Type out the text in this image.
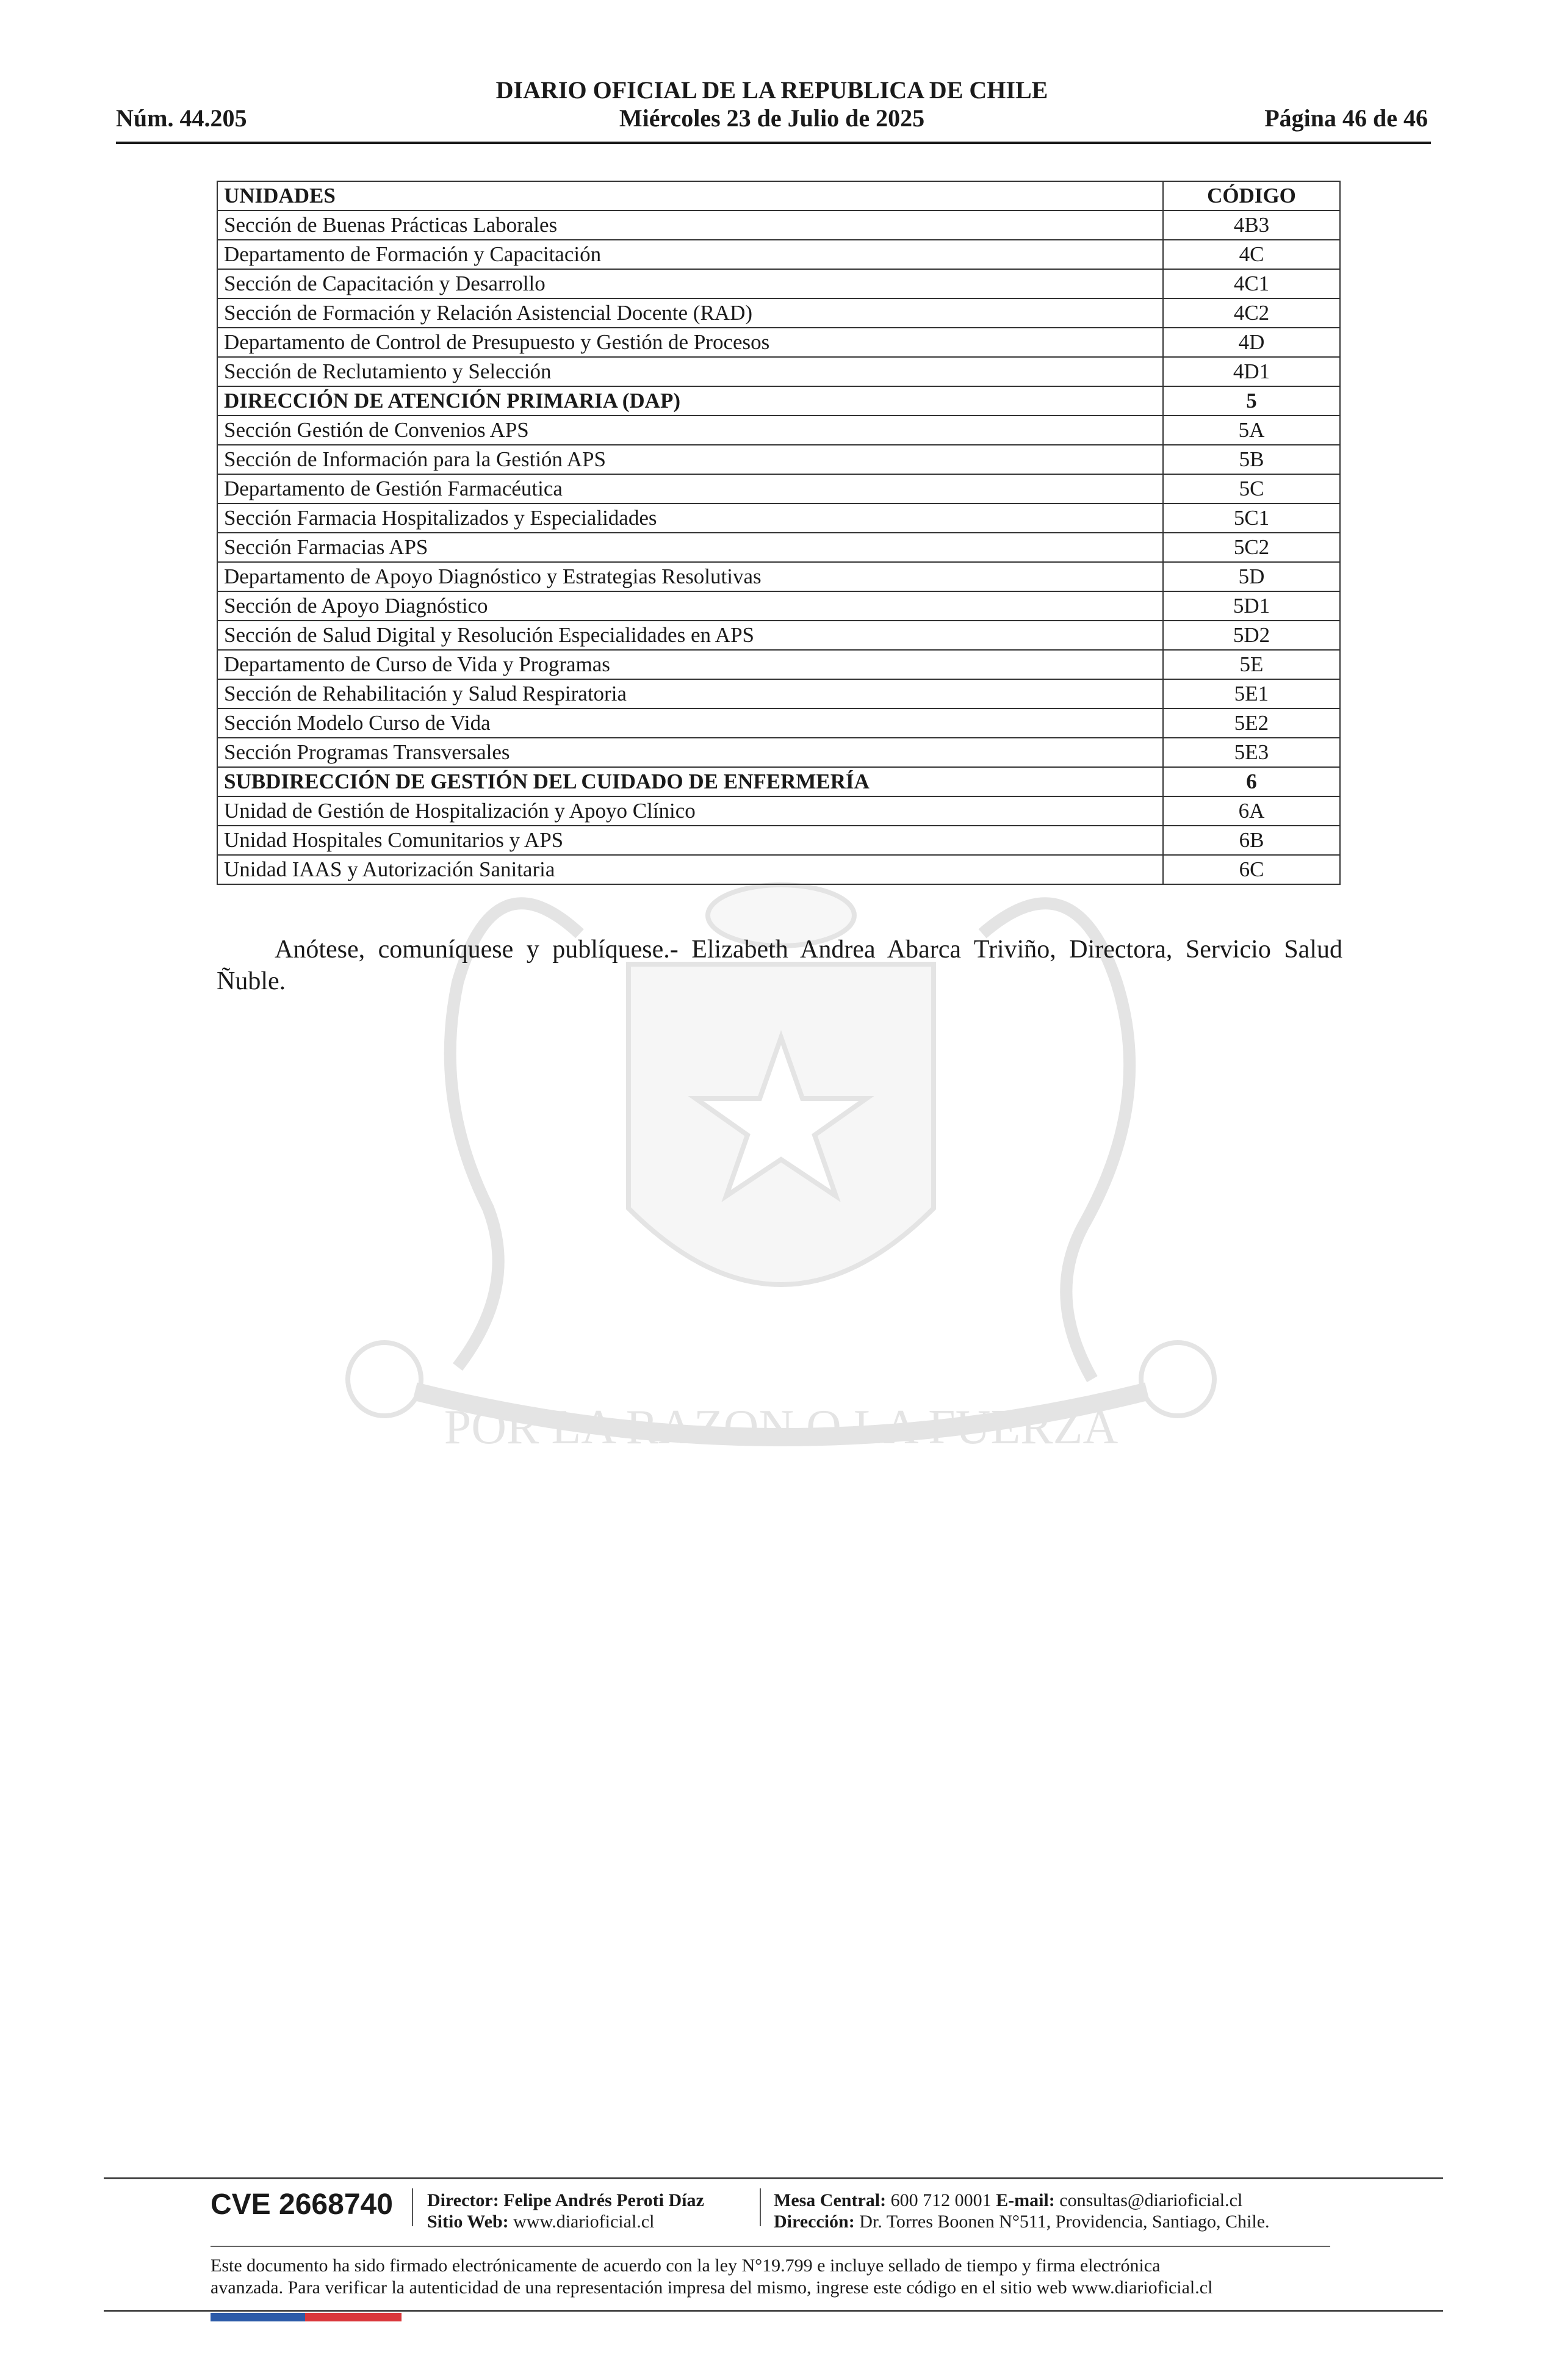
Núm. 44.205
DIARIO OFICIAL DE LA REPUBLICA DE CHILE
Miércoles 23 de Julio de 2025	Página 46 de 46
POR LA RAZON O LA FUERZA
UNIDADES	CÓDIGO
Sección de Buenas Prácticas Laborales	4B3
Departamento de Formación y Capacitación	4C
Sección de Capacitación y Desarrollo	4C1
Sección de Formación y Relación Asistencial Docente (RAD)	4C2
Departamento de Control de Presupuesto y Gestión de Procesos	4D
Sección de Reclutamiento y Selección	4D1
DIRECCIÓN DE ATENCIÓN PRIMARIA (DAP)	5
Sección Gestión de Convenios APS	5A
Sección de Información para la Gestión APS	5B
Departamento de Gestión Farmacéutica	5C
Sección Farmacia Hospitalizados y Especialidades	5C1
Sección Farmacias APS	5C2
Departamento de Apoyo Diagnóstico y Estrategias Resolutivas	5D
Sección de Apoyo Diagnóstico	5D1
Sección de Salud Digital y Resolución Especialidades en APS	5D2
Departamento de Curso de Vida y Programas	5E
Sección de Rehabilitación y Salud Respiratoria	5E1
Sección Modelo Curso de Vida	5E2
Sección Programas Transversales	5E3
SUBDIRECCIÓN DE GESTIÓN DEL CUIDADO DE ENFERMERÍA	6
Unidad de Gestión de Hospitalización y Apoyo Clínico	6A
Unidad Hospitales Comunitarios y APS	6B
Unidad IAAS y Autorización Sanitaria	6C
Anótese, comuníquese y publíquese.- Elizabeth Andrea Abarca Triviño, Directora, Servicio Salud Ñuble.
CVE 2668740 Director: Felipe Andrés Peroti Díaz
Sitio Web: www.diarioficial.cl
Mesa Central: 600 712 0001 E-mail: consultas@diarioficial.cl
Dirección: Dr. Torres Boonen N°511, Providencia, Santiago, Chile.
Este documento ha sido firmado electrónicamente de acuerdo con la ley N°19.799 e incluye sellado de tiempo y firma electrónica
avanzada. Para verificar la autenticidad de una representación impresa del mismo, ingrese este código en el sitio web www.diarioficial.cl
